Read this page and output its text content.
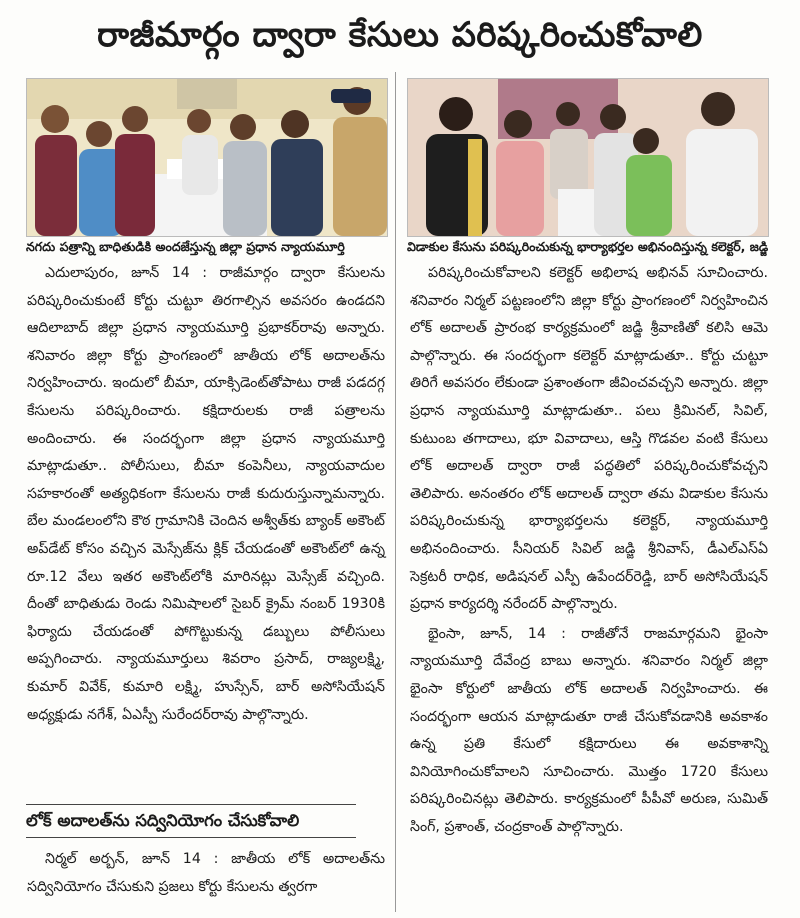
రాజీమార్గం ద్వారా కేసులు పరిష్కరించుకోవాలి
నగదు పత్రాన్ని బాధితుడికి అందజేస్తున్న జిల్లా ప్రధాన న్యాయమూర్తి	విడాకుల కేసును పరిష్కరించుకున్న భార్యాభర్తల అభినందిస్తున్న కలెక్టర్, జడ్జి

ఎదులాపురం, జూన్ 14 : రాజీమార్గం ద్వారా కేసులను పరిష్కరించుకుంటే కోర్టు చుట్టూ తిరగాల్సిన అవసరం ఉండదని ఆదిలాబాద్ జిల్లా ప్రధాన న్యాయమూర్తి ప్రభాకర్‌రావు అన్నారు. శనివారం జిల్లా కోర్టు ప్రాంగణంలో జాతీయ లోక్ అదాలత్‌ను నిర్వహించారు. ఇందులో బీమా, యాక్సిడెంట్‌తోపాటు రాజీ పడదగ్గ కేసులను పరిష్కరించారు. కక్షిదారులకు రాజీ పత్రాలను అందించారు. ఈ సందర్భంగా జిల్లా ప్రధాన న్యాయమూర్తి మాట్లాడుతూ.. పోలీసులు, బీమా కంపెనీలు, న్యాయవాదుల సహకారంతో అత్యధికంగా కేసులను రాజీ కుదురుస్తున్నామన్నారు. బేల మండలంలోని కౌఠ గ్రామానికి చెందిన అశ్వీత్‌కు బ్యాంక్ అకౌంట్ అప్‌డేట్ కోసం వచ్చిన మెస్సేజ్‌ను క్లిక్ చేయడంతో అకౌంట్‌లో ఉన్న రూ.12 వేలు ఇతర అకౌంట్‌లోకి మారినట్లు మెస్సేజ్ వచ్చింది. దీంతో బాధితుడు రెండు నిమిషాలలో సైబర్ క్రైమ్ నంబర్ 1930కి ఫిర్యాదు చేయడంతో పోగొట్టుకున్న డబ్బులు పోలీసులు అప్పగించారు. న్యాయమూర్తులు శివరాం ప్రసాద్, రాజ్యలక్ష్మి, కుమార్ వివేక్, కుమారి లక్ష్మి, హుస్సేన్, బార్ అసోసియేషన్ అధ్యక్షుడు నగేశ్, ఏఎస్పీ సురేందర్‌రావు పాల్గొన్నారు.

లోక్ అదాలత్‌ను సద్వినియోగం చేసుకోవాలి

నిర్మల్ అర్బన్, జూన్ 14 : జాతీయ లోక్ అదాలత్‌ను సద్వినియోగం చేసుకుని ప్రజలు కోర్టు కేసులను త్వరగా

పరిష్కరించుకోవాలని కలెక్టర్ అభిలాష అభినవ్ సూచించారు. శనివారం నిర్మల్ పట్టణంలోని జిల్లా కోర్టు ప్రాంగణంలో నిర్వహించిన లోక్ అదాలత్ ప్రారంభ కార్యక్రమంలో జడ్జి శ్రీవాణితో కలిసి ఆమె పాల్గొన్నారు. ఈ సందర్భంగా కలెక్టర్ మాట్లాడుతూ.. కోర్టు చుట్టూ తిరిగే అవసరం లేకుండా ప్రశాంతంగా జీవించవచ్చని అన్నారు. జిల్లా ప్రధాన న్యాయమూర్తి మాట్లాడుతూ.. పలు క్రిమినల్, సివిల్, కుటుంబ తగాదాలు, భూ వివాదాలు, ఆస్తి గొడవల వంటి కేసులు లోక్ అదాలత్ ద్వారా రాజీ పద్ధతిలో పరిష్కరించుకోవచ్చని తెలిపారు. అనంతరం లోక్ అదాలత్ ద్వారా తమ విడాకుల కేసును పరిష్కరించుకున్న భార్యాభర్తలను కలెక్టర్, న్యాయమూర్తి అభినందించారు. సీనియర్ సివిల్ జడ్జి శ్రీనివాస్, డీఎల్ఎస్ఏ సెక్రటరీ రాధిక, అడిషనల్ ఎస్పీ ఉపేందర్‌రెడ్డి, బార్ అసోసియేషన్ ప్రధాన కార్యదర్శి నరేందర్ పాల్గొన్నారు.

భైంసా, జూన్, 14 : రాజీతోనే రాజమార్గమని భైంసా న్యాయమూర్తి దేవేంద్ర బాబు అన్నారు. శనివారం నిర్మల్ జిల్లా భైంసా కోర్టులో జాతీయ లోక్ అదాలత్ నిర్వహించారు. ఈ సందర్భంగా ఆయన మాట్లాడుతూ రాజీ చేసుకోవడానికి అవకాశం ఉన్న ప్రతి కేసులో కక్షిదారులు ఈ అవకాశాన్ని వినియోగించుకోవాలని సూచించారు. మొత్తం 1720 కేసులు పరిష్కరించినట్లు తెలిపారు. కార్యక్రమంలో పీపీవో అరుణ, సుమిత్ సింగ్, ప్రశాంత్, చంద్రకాంత్ పాల్గొన్నారు.
